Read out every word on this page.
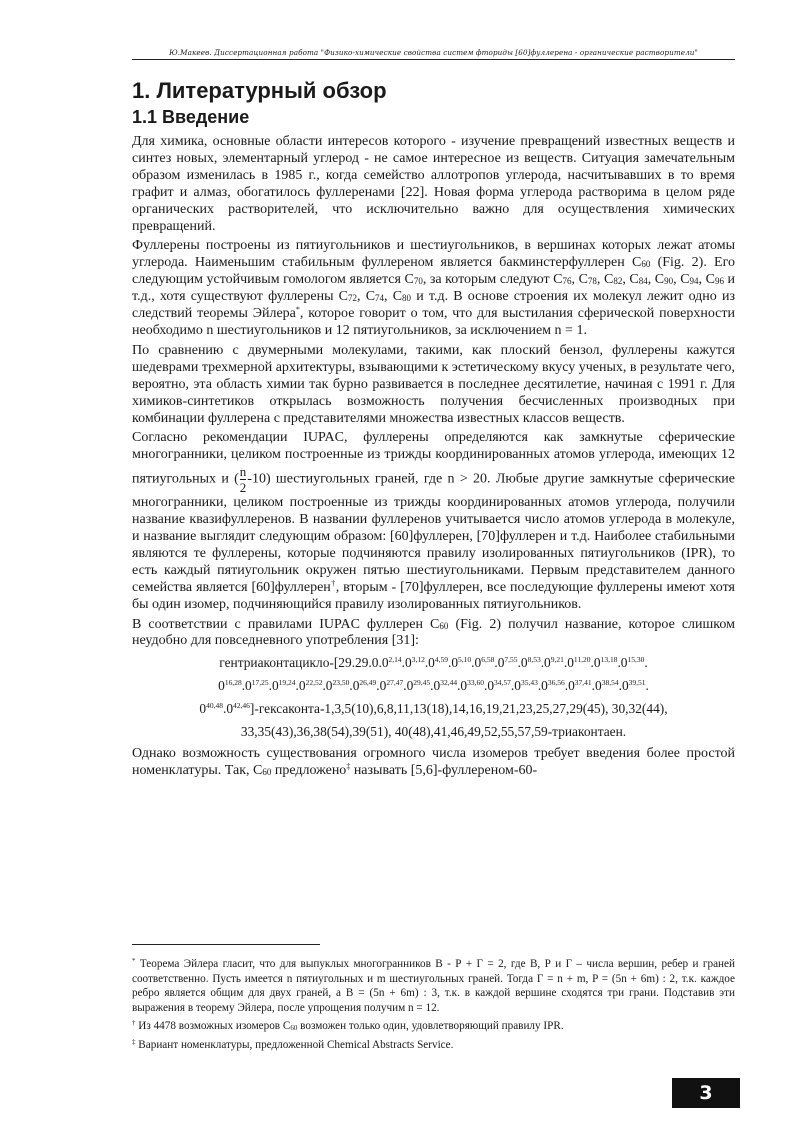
Ю.Макеев. Диссертационная работа "Физико-химические свойства систем фториды [60]фуллерена - органические растворители"
1. Литературный обзор
1.1 Введение

Для химика, основные области интересов которого - изучение превращений известных веществ и синтез новых, элементарный углерод - не самое интересное из веществ. Ситуация замечательным образом изменилась в 1985 г., когда семейство аллотропов углерода, насчитывавших в то время графит и алмаз, обогатилось фуллеренами [22]. Новая форма углерода растворима в целом ряде органических растворителей, что исключительно важно для осуществления химических превращений.

Фуллерены построены из пятиугольников и шестиугольников, в вершинах которых лежат атомы углерода. Наименьшим стабильным фуллереном является бакминстерфуллерен $C_{60}$ (Fig. 2). Его следующим устойчивым гомологом является $C_{70}$, за которым следуют $C_{76}$, $C_{78}$, $C_{82}$, $C_{84}$, $C_{90}$, $C_{94}$, $C_{96}$ и т.д., хотя существуют фуллерены $C_{72}$, $C_{74}$, $C_{80}$ и т.д. В основе строения их молекул лежит одно из следствий теоремы Эйлера*, которое говорит о том, что для выстилания сферической поверхности необходимо n шестиугольников и 12 пятиугольников, за исключением n = 1.

По сравнению с двумерными молекулами, такими, как плоский бензол, фуллерены кажутся шедеврами трехмерной архитектуры, взывающими к эстетическому вкусу ученых, в результате чего, вероятно, эта область химии так бурно развивается в последнее десятилетие, начиная с 1991 г. Для химиков-синтетиков открылась возможность получения бесчисленных производных при комбинации фуллерена с представителями множества известных классов веществ.

Согласно рекомендации IUPAC, фуллерены определяются как замкнутые сферические многогранники, целиком построенные из трижды координированных атомов углерода, имеющих 12 пятиугольных и ( $\frac{n}{2} -10$) шестиугольных граней, где n > 20. Любые другие замкнутые сферические многогранники, целиком построенные из трижды координированных атомов углерода, получили название квазифуллеренов. В названии фуллеренов учитывается число атомов углерода в молекуле, и название выглядит следующим образом: [60]фуллерен, [70]фуллерен и т.д. Наиболее стабильными являются те фуллерены, которые подчиняются правилу изолированных пятиугольников (IPR), то есть каждый пятиугольник окружен пятью шестиугольниками. Первым представителем данного семейства является [60]фуллерен†, вторым - [70]фуллерен, все последующие фуллерены имеют хотя бы один изомер, подчиняющийся правилу изолированных пятиугольников.

В соответствии с правилами IUPAC фуллерен $C_{60}$ (Fig. 2) получил название, которое слишком неудобно для повседневного употребления [31]:

гентриаконтацикло-[29.29.0.0$^{2,14}$.0$^{3,12}$.0$^{4,59}$.0$^{5,10}$.0$^{6,58}$.0$^{7,55}$.0$^{8,53}$.0$^{9,21}$.0$^{11,20}$.0$^{13,18}$.0$^{15,30}$.

0$^{16,28}$.0$^{17,25}$.0$^{19,24}$.0$^{22,52}$.0$^{23,50}$.0$^{26,49}$.0$^{27,47}$.0$^{29,45}$.0$^{32,44}$.0$^{33,60}$.0$^{34,57}$.0$^{35,43}$.0$^{36,56}$.0$^{37,41}$.0$^{38,54}$.0$^{39,51}$.

0$^{40,48}$.0$^{42,46}$]-гексаконта-1,3,5(10),6,8,11,13(18),14,16,19,21,23,25,27,29(45), 30,32(44),

33,35(43),36,38(54),39(51), 40(48),41,46,49,52,55,57,59-триаконтаен.

Однако возможность существования огромного числа изомеров требует введения более простой номенклатуры. Так, $C_{60}$ предложено‡ называть [5,6]-фуллереном-60-

* Теорема Эйлера гласит, что для выпуклых многогранников В - Р + Г = 2, где В, Р и Г – числа вершин, ребер и граней соответственно. Пусть имеется n пятиугольных и m шестиугольных граней. Тогда Г = n + m, P = (5n + 6m) : 2, т.к. каждое ребро является общим для двух граней, а В = (5n + 6m) : 3, т.к. в каждой вершине сходятся три грани. Подставив эти выражения в теорему Эйлера, после упрощения получим n = 12.

† Из 4478 возможных изомеров $C_{60}$ возможен только один, удовлетворяющий правилу IPR.

‡ Вариант номенклатуры, предложенной Chemical Abstracts Service.

3
